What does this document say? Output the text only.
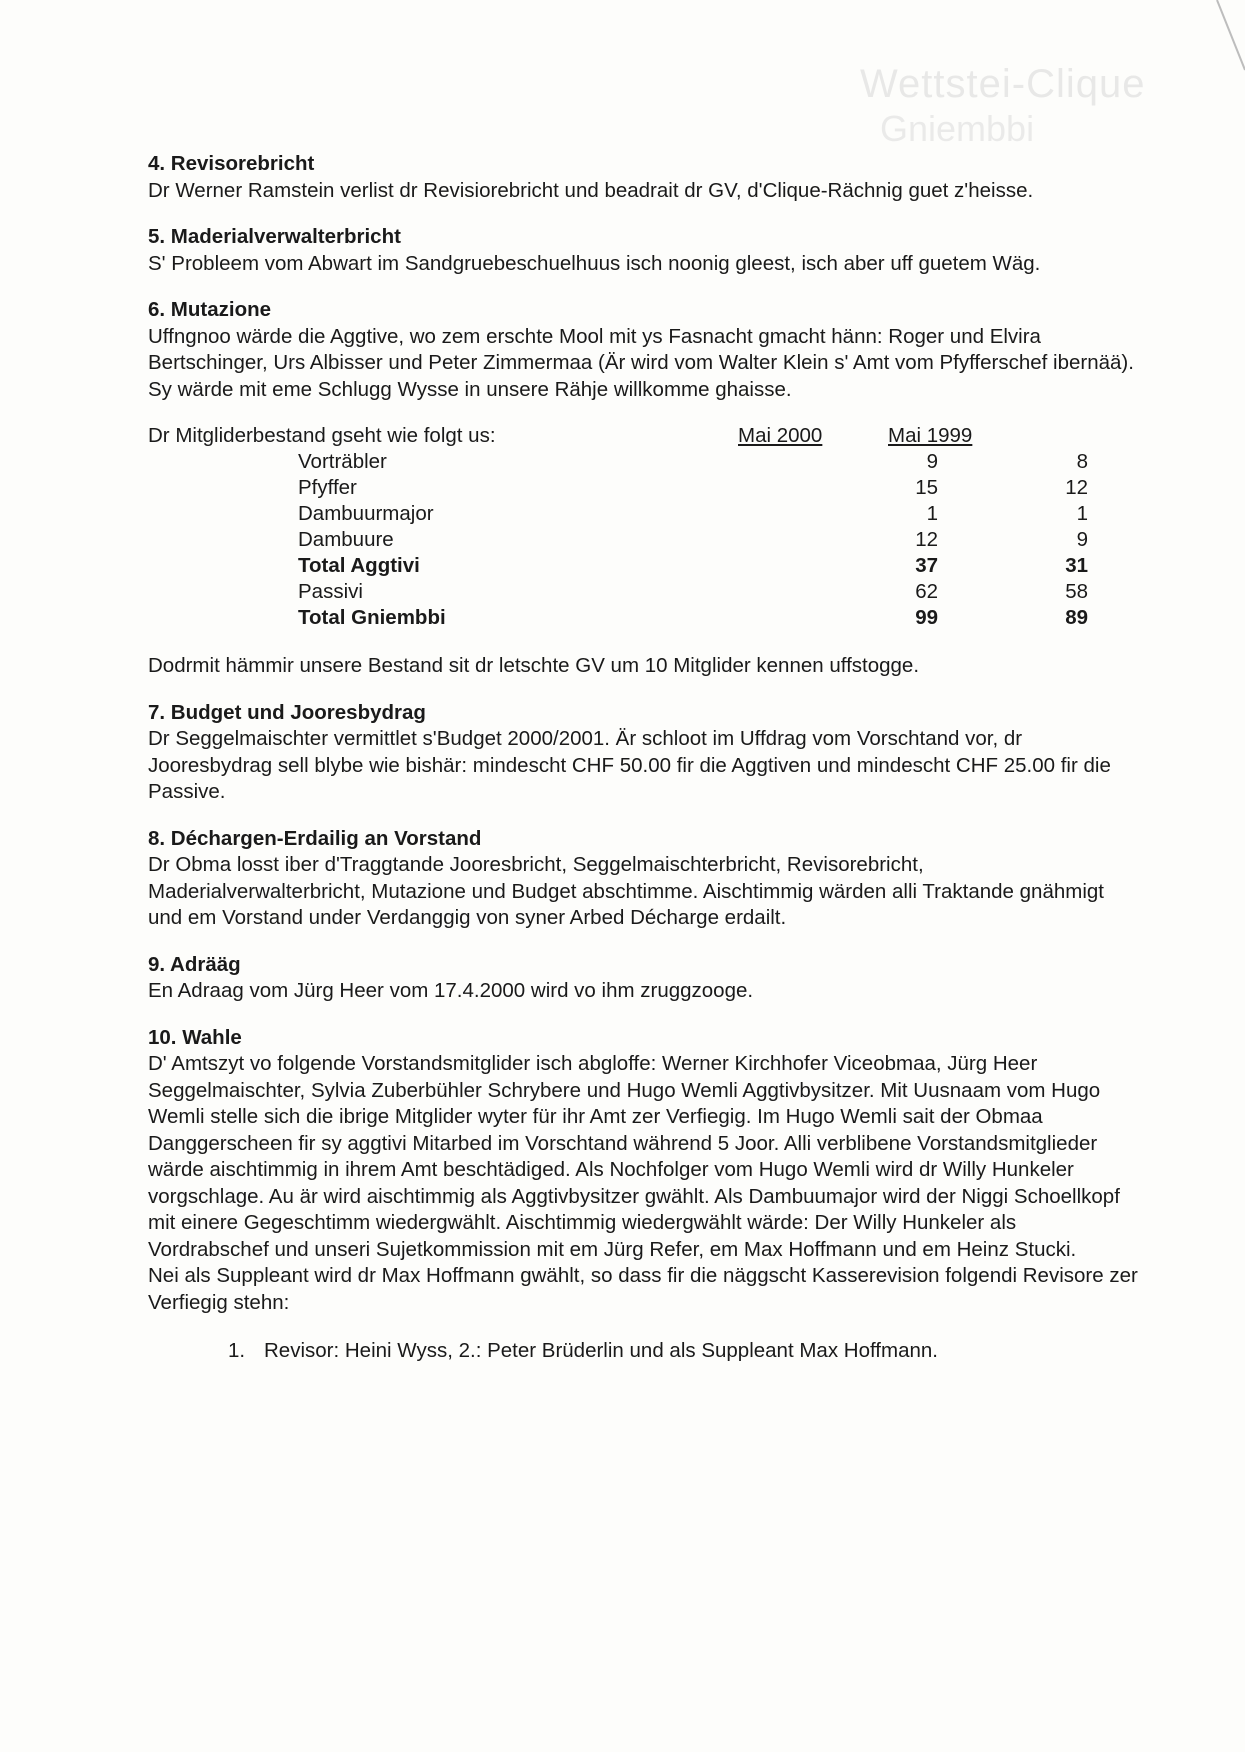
Wettstei-Clique
Gniembbi
4. Revisorebricht

Dr Werner Ramstein verlist dr Revisiorebricht und beadrait dr GV, d'Clique-Rächnig guet z'heisse.

5. Maderialverwalterbricht

S' Probleem vom Abwart im Sandgruebeschuelhuus isch noonig gleest, isch aber uff guetem Wäg.

6. Mutazione

Uffngnoo wärde die Aggtive, wo zem erschte Mool mit ys Fasnacht gmacht hänn: Roger und Elvira Bertschinger, Urs Albisser und Peter Zimmermaa (Är wird vom Walter Klein s' Amt vom Pfyfferschef ibernää). Sy wärde mit eme Schlugg Wysse in unsere Rähje willkomme ghaisse.

Dr Mitgliderbestand gseht wie folgt us:	Mai 2000	Mai 1999
Vorträbler	9	8
Pfyffer	15	12
Dambuurmajor	1	1
Dambuure	12	9
Total Aggtivi	37	31
Passivi	62	58
Total Gniembbi	99	89

Dodrmit hämmir unsere Bestand sit dr letschte GV um 10 Mitglider kennen uffstogge.

7. Budget und Jooresbydrag

Dr Seggelmaischter vermittlet s'Budget 2000/2001. Är schloot im Uffdrag vom Vorschtand vor, dr Jooresbydrag sell blybe wie bishär: mindescht CHF 50.00 fir die Aggtiven und mindescht CHF 25.00 fir die Passive.

8. Déchargen-Erdailig an Vorstand

Dr Obma losst iber d'Traggtande Jooresbricht, Seggelmaischterbricht, Revisorebricht, Maderialverwalterbricht, Mutazione und Budget abschtimme. Aischtimmig wärden alli Traktande gnähmigt und em Vorstand under Verdanggig von syner Arbed Décharge erdailt.

9. Adrääg

En Adraag vom Jürg Heer vom 17.4.2000 wird vo ihm zruggzooge.

10. Wahle

D' Amtszyt vo folgende Vorstandsmitglider isch abgloffe: Werner Kirchhofer Viceobmaa, Jürg Heer Seggelmaischter, Sylvia Zuberbühler Schrybere und Hugo Wemli Aggtivbysitzer. Mit Uusnaam vom Hugo Wemli stelle sich die ibrige Mitglider wyter für ihr Amt zer Verfiegig. Im Hugo Wemli sait der Obmaa Danggerscheen fir sy aggtivi Mitarbed im Vorschtand während 5 Joor. Alli verblibene Vorstandsmitglieder wärde aischtimmig in ihrem Amt beschtädiged. Als Nochfolger vom Hugo Wemli wird dr Willy Hunkeler vorgschlage. Au är wird aischtimmig als Aggtivbysitzer gwählt. Als Dambuumajor wird der Niggi Schoellkopf mit einere Gegeschtimm wiedergwählt. Aischtimmig wiedergwählt wärde: Der Willy Hunkeler als Vordrabschef und unseri Sujetkommission mit em Jürg Refer, em Max Hoffmann und em Heinz Stucki.

Nei als Suppleant wird dr Max Hoffmann gwählt, so dass fir die näggscht Kasserevision folgendi Revisore zer Verfiegig stehn:

1. Revisor: Heini Wyss, 2.: Peter Brüderlin und als Suppleant Max Hoffmann.
